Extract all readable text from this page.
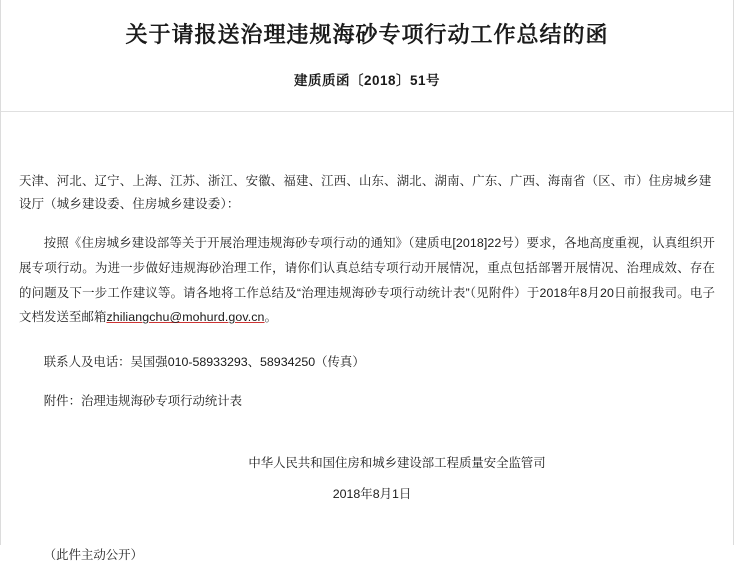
关于请报送治理违规海砂专项行动工作总结的函

建质质函〔2018〕51号

天津、河北、辽宁、上海、江苏、浙江、安徽、福建、江西、山东、湖北、湖南、广东、广西、海南省（区、市）住房城乡建设厅（城乡建设委、住房城乡建设委）：

按照《住房城乡建设部等关于开展治理违规海砂专项行动的通知》（建质电[2018]22号）要求，各地高度重视，认真组织开展专项行动。为进一步做好违规海砂治理工作，请你们认真总结专项行动开展情况，重点包括部署开展情况、治理成效、存在的问题及下一步工作建议等。请各地将工作总结及“治理违规海砂专项行动统计表”（见附件）于2018年8月20日前报我司。电子文档发送至邮箱zhiliangchu@mohurd.gov.cn。

联系人及电话：吴国强010-58933293、58934250（传真）

附件：治理违规海砂专项行动统计表

中华人民共和国住房和城乡建设部工程质量安全监管司

2018年8月1日

（此件主动公开）
